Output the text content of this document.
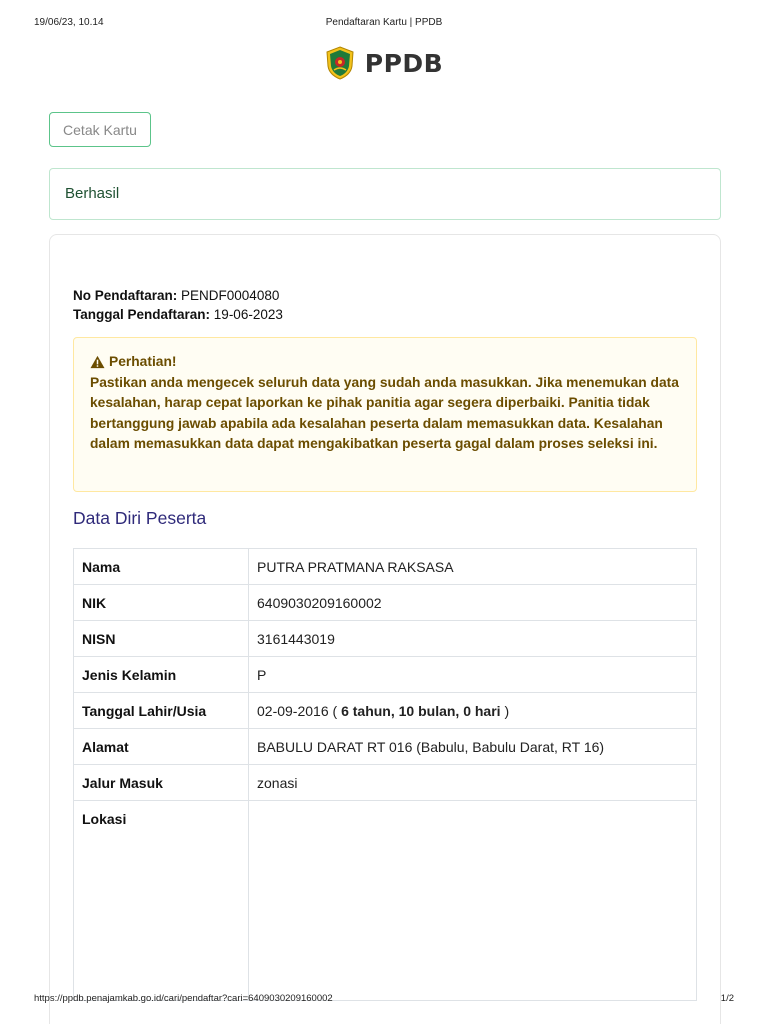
19/06/23, 10.14	Pendaftaran Kartu | PPDB
PPDB
Cetak Kartu
Berhasil
No Pendaftaran: PENDF0004080
Tanggal Pendaftaran: 19-06-2023
Perhatian!
Pastikan anda mengecek seluruh data yang sudah anda masukkan. Jika menemukan data kesalahan, harap cepat laporkan ke pihak panitia agar segera diperbaiki. Panitia tidak bertanggung jawab apabila ada kesalahan peserta dalam memasukkan data. Kesalahan dalam memasukkan data dapat mengakibatkan peserta gagal dalam proses seleksi ini.
Data Diri Peserta
Nama	PUTRA PRATMANA RAKSASA
NIK	6409030209160002
NISN	3161443019
Jenis Kelamin	P
Tanggal Lahir/Usia	02-09-2016 ( 6 tahun, 10 bulan, 0 hari )
Alamat	BABULU DARAT RT 016 (Babulu, Babulu Darat, RT 16)
Jalur Masuk	zonasi
Lokasi	
https://ppdb.penajamkab.go.id/cari/pendaftar?cari=6409030209160002	1/2
